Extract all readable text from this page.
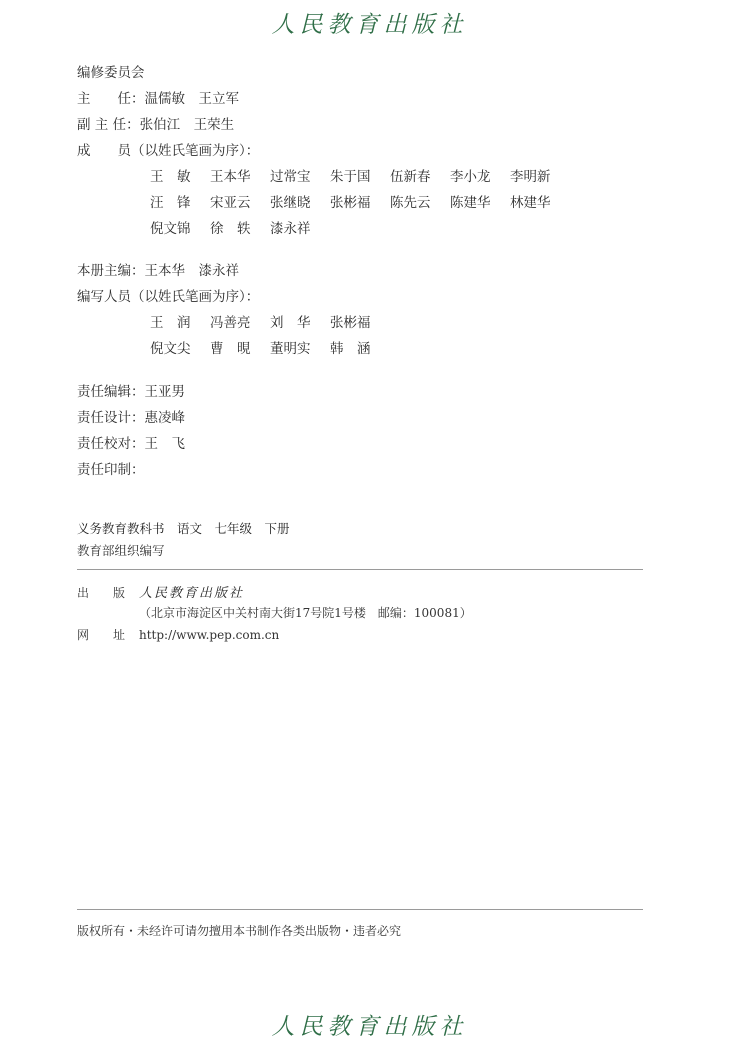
人民教育出版社
编修委员会
主　　任：温儒敏　王立军
副 主 任：张伯江　王荣生
成　　员（以姓氏笔画为序）：
王　敏 王本华 过常宝 朱于国 伍新春 李小龙 李明新
汪　锋 宋亚云 张继晓 张彬福 陈先云 陈建华 林建华
倪文锦 徐　轶 漆永祥
本册主编：王本华　漆永祥
编写人员（以姓氏笔画为序）：
王　润 冯善亮 刘　华 张彬福
倪文尖 曹　晛 董明实 韩　涵
责任编辑：王亚男
责任设计：惠凌峰
责任校对：王　飞
责任印制：
义务教育教科书　语文　七年级　下册
教育部组织编写
出　　版 人民教育出版社
（北京市海淀区中关村南大街17号院1号楼　邮编：100081）
网　　址 http://www.pep.com.cn
版权所有・未经许可请勿擅用本书制作各类出版物・违者必究
人民教育出版社
